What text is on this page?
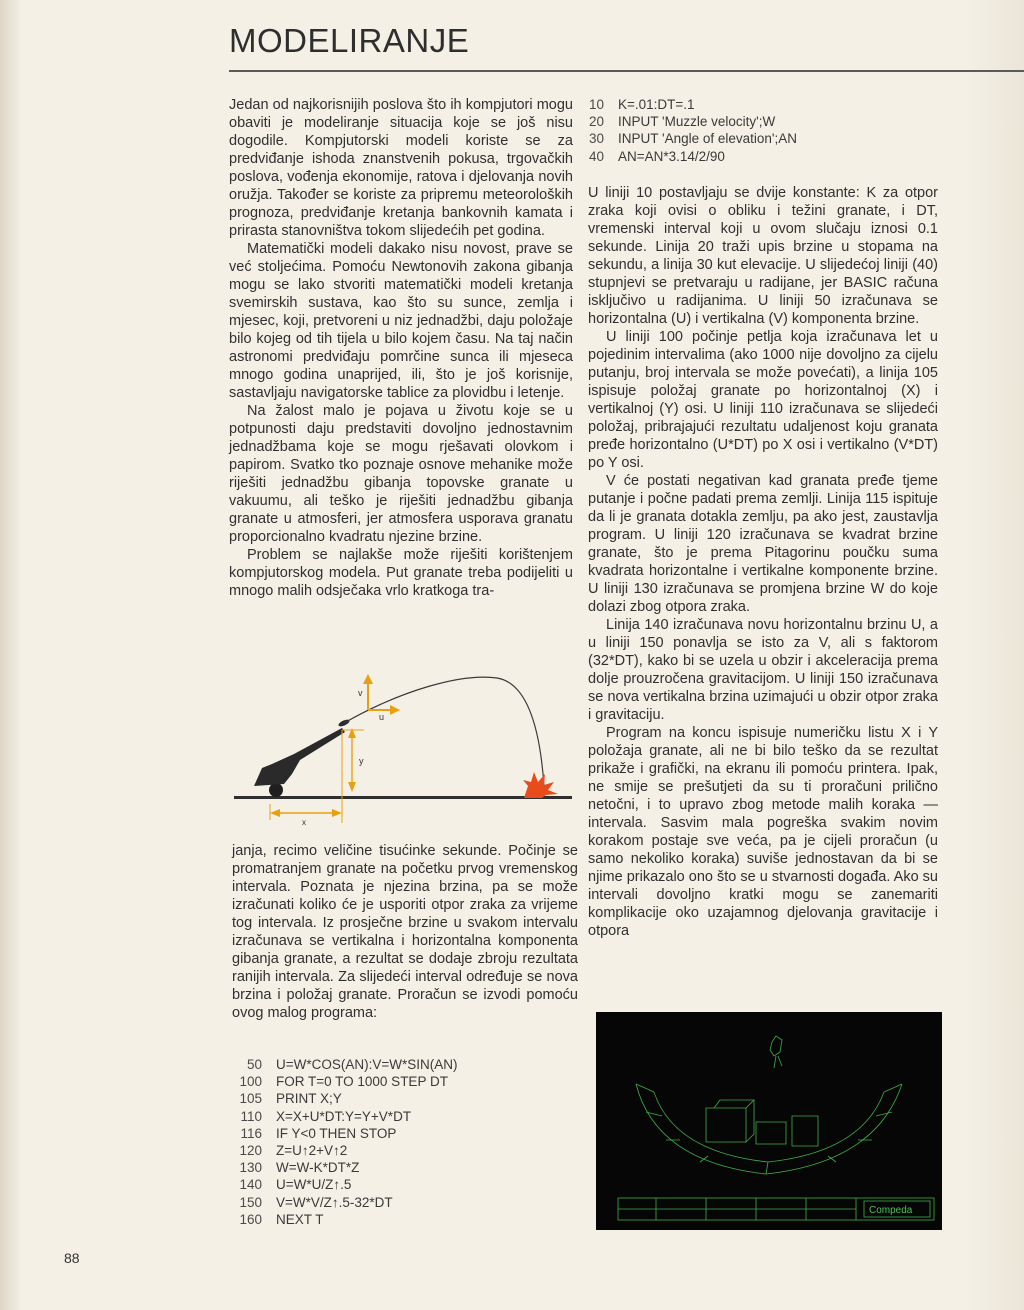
MODELIRANJE

Jedan od najkorisnijih poslova što ih kompjutori mogu obaviti je modeliranje situacija koje se još nisu dogodile. Kompjutorski modeli koriste se za predviđanje ishoda znanstvenih pokusa, trgovačkih poslova, vođenja ekonomije, ratova i djelovanja novih oružja. Također se koriste za pripremu meteoroloških prognoza, predviđanje kretanja bankovnih kamata i prirasta stanovništva tokom slijedećih pet godina.

Matematički modeli dakako nisu novost, prave se već stoljećima. Pomoću Newtonovih zakona gibanja mogu se lako stvoriti matematički modeli kretanja svemirskih sustava, kao što su sunce, zemlja i mjesec, koji, pretvoreni u niz jednadžbi, daju položaje bilo kojeg od tih tijela u bilo kojem času. Na taj način astronomi predviđaju pomrčine sunca ili mjeseca mnogo godina unaprijed, ili, što je još korisnije, sastavljaju navigatorske tablice za plovidbu i letenje.

Na žalost malo je pojava u životu koje se u potpunosti daju predstaviti dovoljno jednostavnim jednadžbama koje se mogu rješavati olovkom i papirom. Svatko tko poznaje osnove mehanike može riješiti jednadžbu gibanja topovske granate u vakuumu, ali teško je riješiti jednadžbu gibanja granate u atmosferi, jer atmosfera usporava granatu proporcionalno kvadratu njezine brzine.

Problem se najlakše može riješiti korištenjem kompjutorskog modela. Put granate treba podijeliti u mnogo malih odsječaka vrlo kratkoga tra-

v
u
y
x

janja, recimo veličine tisućinke sekunde. Počinje se promatranjem granate na početku prvog vremenskog intervala. Poznata je njezina brzina, pa se može izračunati koliko će je usporiti otpor zraka za vrijeme tog intervala. Iz prosječne brzine u svakom intervalu izračunava se vertikalna i horizontalna komponenta gibanja granate, a rezultat se dodaje zbroju rezultata ranijih intervala. Za slijedeći interval određuje se nova brzina i položaj granate. Proračun se izvodi pomoću ovog malog programa:

10 K=.01:DT=.1
20 INPUT 'Muzzle velocity';W
30 INPUT 'Angle of elevation';AN
40 AN=AN*3.14/2/90

U liniji 10 postavljaju se dvije konstante: K za otpor zraka koji ovisi o obliku i težini granate, i DT, vremenski interval koji u ovom slučaju iznosi 0.1 sekunde. Linija 20 traži upis brzine u stopama na sekundu, a linija 30 kut elevacije. U slijedećoj liniji (40) stupnjevi se pretvaraju u radijane, jer BASIC računa isključivo u radijanima. U liniji 50 izračunava se horizontalna (U) i vertikalna (V) komponenta brzine.

U liniji 100 počinje petlja koja izračunava let u pojedinim intervalima (ako 1000 nije dovoljno za cijelu putanju, broj intervala se može povećati), a linija 105 ispisuje položaj granate po horizontalnoj (X) i vertikalnoj (Y) osi. U liniji 110 izračunava se slijedeći položaj, pribrajajući rezultatu udaljenost koju granata pređe horizontalno (U*DT) po X osi i vertikalno (V*DT) po Y osi.

V će postati negativan kad granata pređe tjeme putanje i počne padati prema zemlji. Linija 115 ispituje da li je granata dotakla zemlju, pa ako jest, zaustavlja program. U liniji 120 izračunava se kvadrat brzine granate, što je prema Pitagorinu poučku suma kvadrata horizontalne i vertikalne komponente brzine. U liniji 130 izračunava se promjena brzine W do koje dolazi zbog otpora zraka.

Linija 140 izračunava novu horizontalnu brzinu U, a u liniji 150 ponavlja se isto za V, ali s faktorom (32*DT), kako bi se uzela u obzir i akceleracija prema dolje prouzročena gravitacijom. U liniji 150 izračunava se nova vertikalna brzina uzimajući u obzir otpor zraka i gravitaciju.

Program na koncu ispisuje numeričku listu X i Y položaja granate, ali ne bi bilo teško da se rezultat prikaže i grafički, na ekranu ili pomoću printera. Ipak, ne smije se prešutjeti da su ti proračuni prilično netočni, i to upravo zbog metode malih koraka — intervala. Sasvim mala pogreška svakim novim korakom postaje sve veća, pa je cijeli proračun (u samo nekoliko koraka) suviše jednostavan da bi se njime prikazalo ono što se u stvarnosti događa. Ako su intervali dovoljno kratki mogu se zanemariti komplikacije oko uzajamnog djelovanja gravitacije i otpora

50 U=W*COS(AN):V=W*SIN(AN)
100 FOR T=0 TO 1000 STEP DT
105 PRINT X;Y
110 X=X+U*DT:Y=Y+V*DT
116 IF Y<0 THEN STOP
120 Z=U↑2+V↑2
130 W=W-K*DT*Z
140 U=W*U/Z↑.5
150 V=W*V/Z↑.5-32*DT
160 NEXT T
Compeda
88
